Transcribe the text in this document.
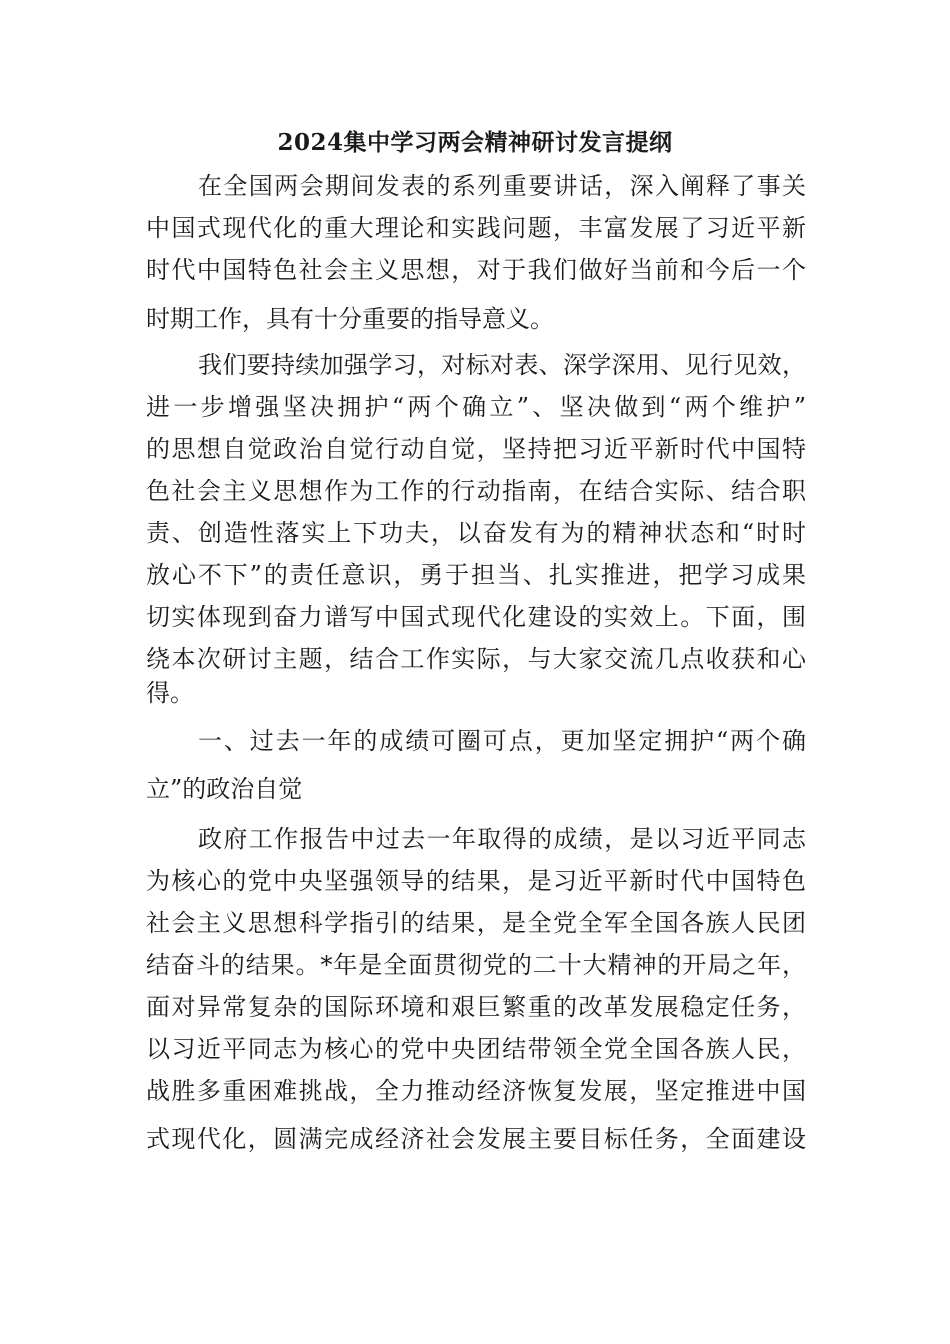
2024集中学习两会精神研讨发言提纲
在全国两会期间发表的系列重要讲话，深入阐释了事关
中国式现代化的重大理论和实践问题，丰富发展了习近平新
时代中国特色社会主义思想，对于我们做好当前和今后一个
时期工作，具有十分重要的指导意义。
我们要持续加强学习，对标对表、深学深用、见行见效，
进一步增强坚决拥护“两个确立”、坚决做到“两个维护”
的思想自觉政治自觉行动自觉，坚持把习近平新时代中国特
色社会主义思想作为工作的行动指南，在结合实际、结合职
责、创造性落实上下功夫，以奋发有为的精神状态和“时时
放心不下”的责任意识，勇于担当、扎实推进，把学习成果
切实体现到奋力谱写中国式现代化建设的实效上。下面，围
绕本次研讨主题，结合工作实际，与大家交流几点收获和心
得。
一、过去一年的成绩可圈可点，更加坚定拥护“两个确
立”的政治自觉
政府工作报告中过去一年取得的成绩，是以习近平同志
为核心的党中央坚强领导的结果，是习近平新时代中国特色
社会主义思想科学指引的结果，是全党全军全国各族人民团
结奋斗的结果。*年是全面贯彻党的二十大精神的开局之年，
面对异常复杂的国际环境和艰巨繁重的改革发展稳定任务，
以习近平同志为核心的党中央团结带领全党全国各族人民，
战胜多重困难挑战，全力推动经济恢复发展，坚定推进中国
式现代化，圆满完成经济社会发展主要目标任务，全面建设
